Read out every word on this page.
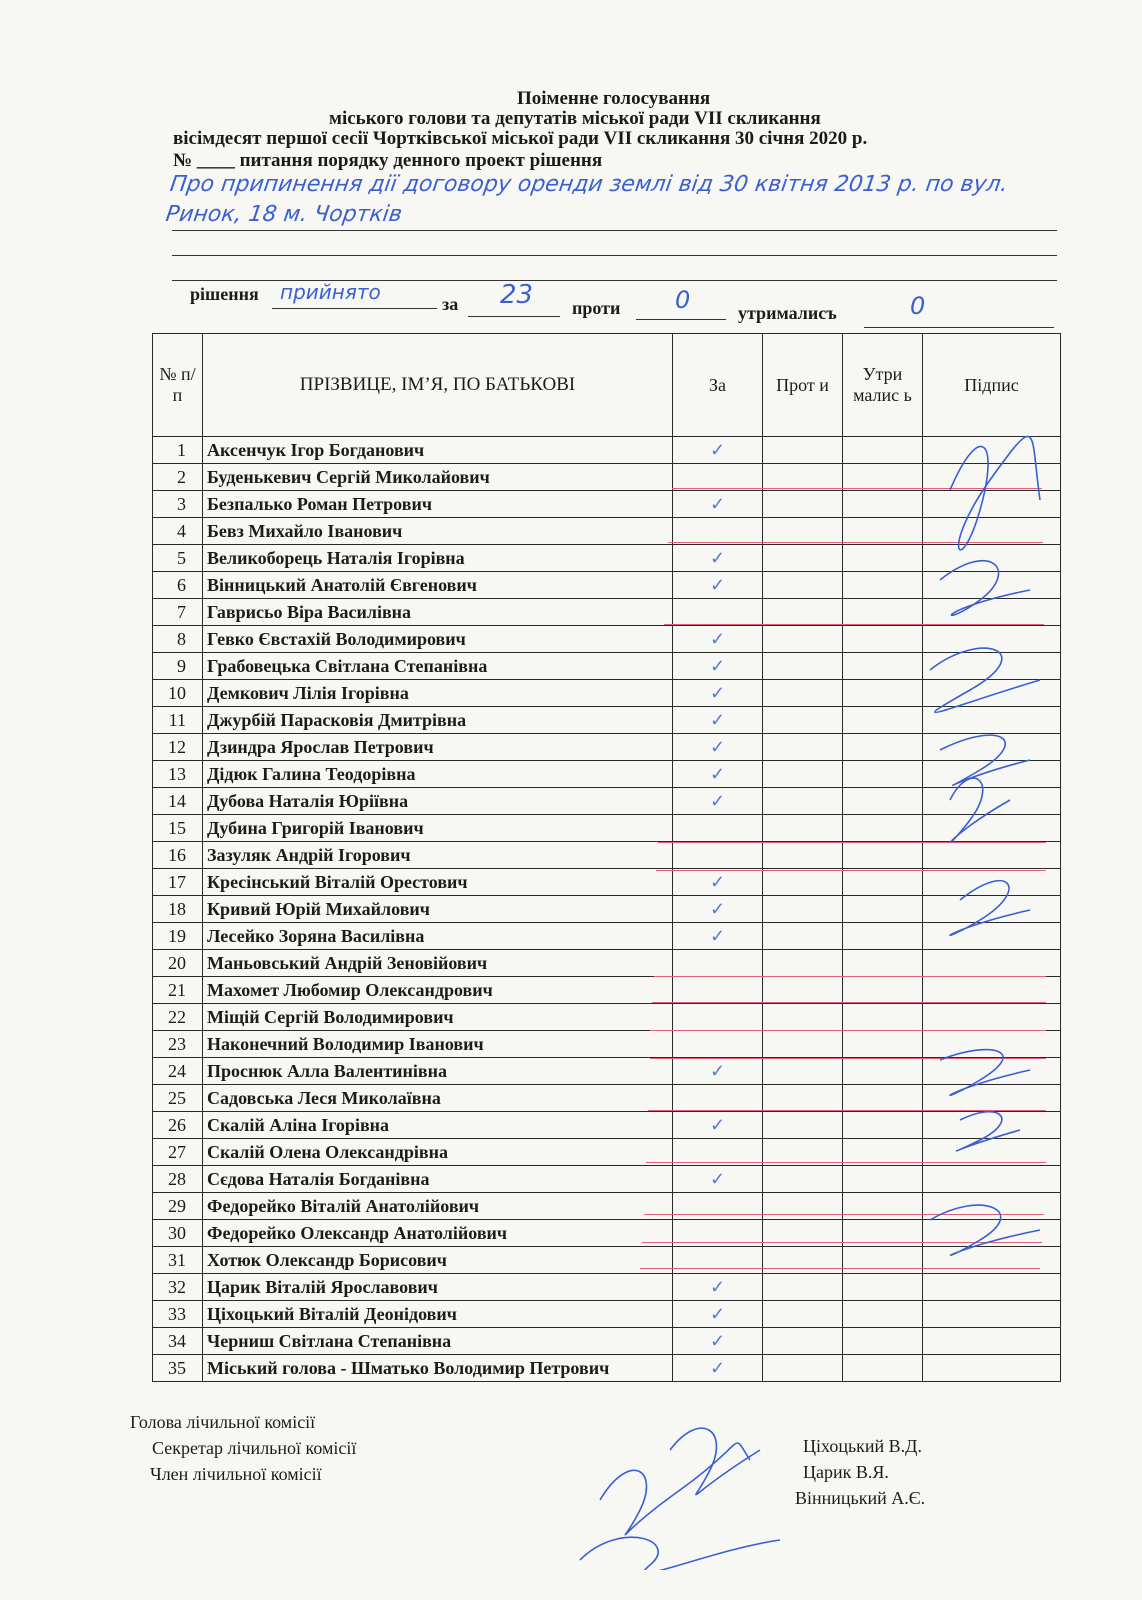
Поіменне голосування
міського голови та депутатів міської ради VII скликання
вісімдесят першої сесії Чортківської міської ради VII скликання 30 січня 2020 р.
№ ____ питання порядку денного проект рішення
Про припинення дії договору оренди землі від 30 квітня 2013 р. по вул. Ринок, 18 м. Чортків
рішення прийнято	за 23 проти 0	утрималисъ	0
№ п/п	ПРІЗВИЦЕ, ІМ’Я, ПО БАТЬКОВІ	За	Прот и	Утри малис ь	Підпис
1	Аксенчук Ігор Богданович	✓			
2	Буденькевич Сергій Миколайович				
3	Безпалько Роман Петрович	✓			
4	Бевз Михайло Іванович				
5	Великоборець Наталія Ігорівна	✓			
6	Вінницький Анатолій Євгенович	✓			
7	Гаврисьо Віра Василівна				
8	Гевко Євстахій Володимирович	✓			
9	Грабовецька Світлана Степанівна	✓			
10	Демкович Лілія Ігорівна	✓			
11	Джурбій Парасковія Дмитрівна	✓			
12	Дзиндра Ярослав Петрович	✓			
13	Дідюк Галина Теодорівна	✓			
14	Дубова Наталія Юріївна	✓			
15	Дубина Григорій Іванович				
16	Зазуляк Андрій Ігорович				
17	Кресінський Віталій Орестович	✓			
18	Кривий Юрій Михайлович	✓			
19	Лесейко Зоряна Василівна	✓			
20	Маньовський Андрій Зеновійович				
21	Махомет Любомир Олександрович				
22	Міщій Сергій Володимирович				
23	Наконечний Володимир Іванович				
24	Проснюк Алла Валентинівна	✓			
25	Садовська Леся Миколаївна				
26	Скалій Аліна Ігорівна	✓			
27	Скалій Олена Олександрівна				
28	Сєдова Наталія Богданівна	✓			
29	Федорейко Віталій Анатолійович				
30	Федорейко Олександр Анатолійович				
31	Хотюк Олександр Борисович				
32	Царик Віталій Ярославович	✓			
33	Ціхоцький Віталій Деонідович	✓			
34	Черниш Світлана Степанівна	✓			
35	Міський голова - Шматько Володимир Петрович	✓			
Голова лічильної комісії
Секретар лічильної комісії
Член лічильної комісії
Ціхоцький В.Д.
Царик В.Я.
Вінницький А.Є.
